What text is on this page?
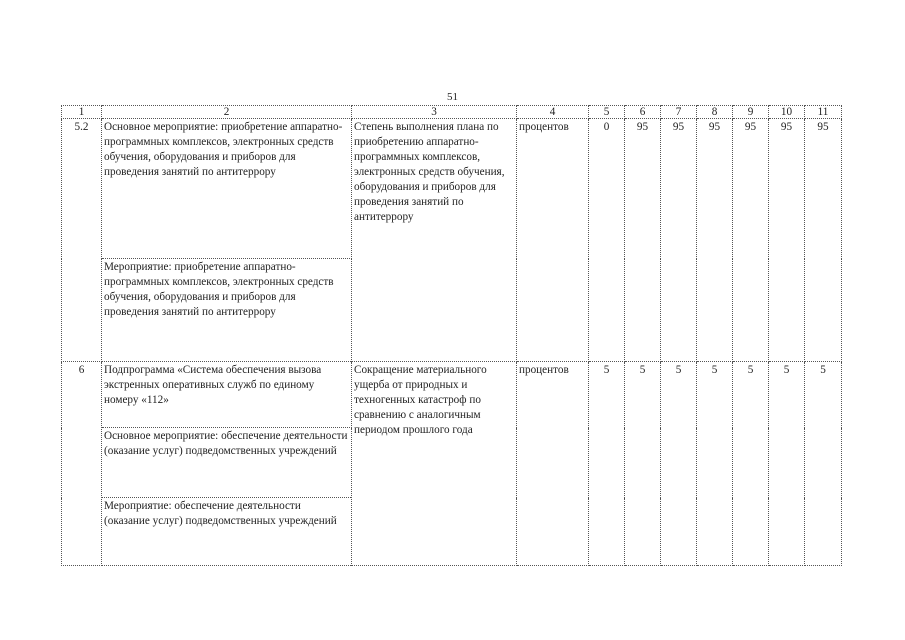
51
1	2	3	4	5	6	7	8	9	10	11
5.2	Основное мероприятие: приобретение аппаратно-программных комплексов, электронных средств обучения, оборудования и приборов для проведения занятий по антитеррору	Степень выполнения плана по приобретению аппаратно-программных комплексов, электронных средств обучения, оборудования и приборов для проведения занятий по антитеррору	процентов	0	95	95	95	95	95	95
	Мероприятие: приобретение аппаратно-программных комплексов, электронных средств обучения, оборудования и приборов для проведения занятий по антитеррору									
6	Подпрограмма «Система обеспечения вызова экстренных оперативных служб по единому номеру «112»	Сокращение материального ущерба от природных и техногенных катастроф по сравнению с аналогичным периодом прошлого года	процентов	5	5	5	5	5	5	5
	Основное мероприятие: обеспечение деятельности (оказание услуг) подведомственных учреждений									
	Мероприятие: обеспечение деятельности (оказание услуг) подведомственных учреждений									
